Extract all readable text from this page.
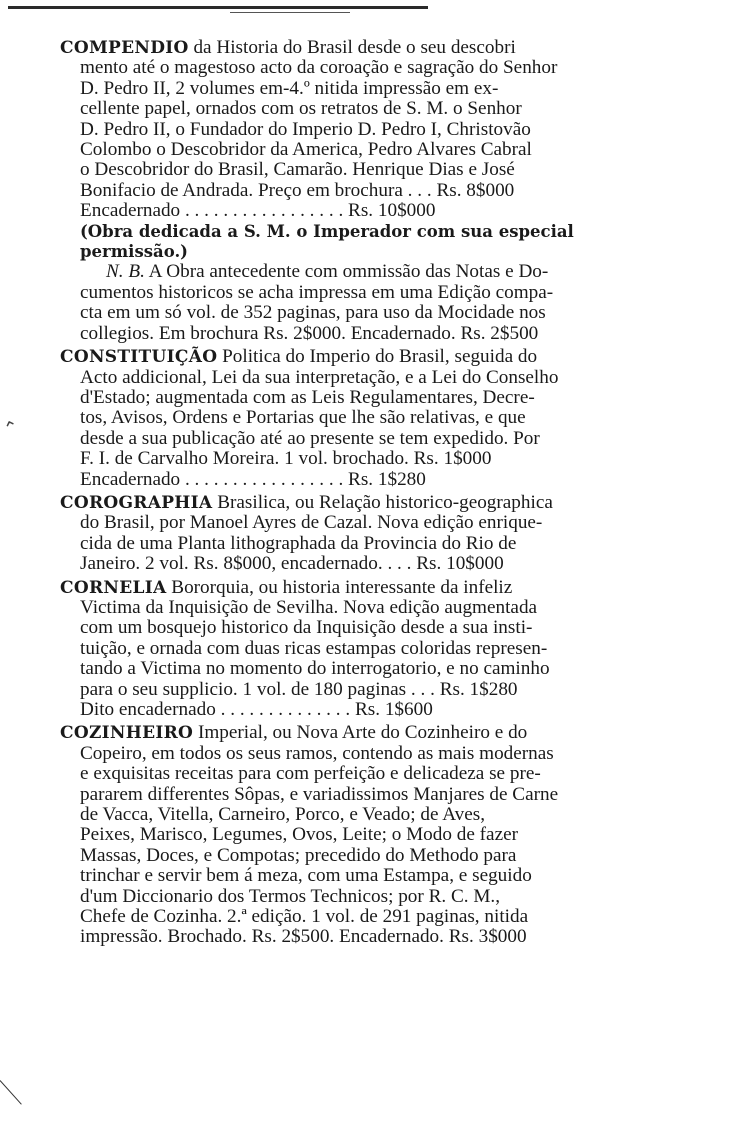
⌃

COMPENDIO da Historia do Brasil desde o seu descobri

mento até o magestoso acto da coroação e sagração do Senhor

D. Pedro II, 2 volumes em-4.º nitida impressão em ex-

cellente papel, ornados com os retratos de S. M. o Senhor

D. Pedro II, o Fundador do Imperio D. Pedro I, Christovão

Colombo o Descobridor da America, Pedro Alvares Cabral

o Descobridor do Brasil, Camarão. Henrique Dias e José

Bonifacio de Andrada. Preço em brochura . . . Rs. 8$000

Encadernado . . . . . . . . . . . . . . . . . Rs. 10$000

(Obra dedicada a S. M. o Imperador com sua especial

permissão.)

N. B. A Obra antecedente com ommissão das Notas e Do-

cumentos historicos se acha impressa em uma Edição compa-

cta em um só vol. de 352 paginas, para uso da Mocidade nos

collegios. Em brochura Rs. 2$000. Encadernado. Rs. 2$500

CONSTITUIÇÃO Politica do Imperio do Brasil, seguida do

Acto addicional, Lei da sua interpretação, e a Lei do Conselho

d'Estado; augmentada com as Leis Regulamentares, Decre-

tos, Avisos, Ordens e Portarias que lhe são relativas, e que

desde a sua publicação até ao presente se tem expedido. Por

F. I. de Carvalho Moreira. 1 vol. brochado. Rs. 1$000

Encadernado . . . . . . . . . . . . . . . . . Rs. 1$280

COROGRAPHIA Brasilica, ou Relação historico-geographica

do Brasil, por Manoel Ayres de Cazal. Nova edição enrique-

cida de uma Planta lithographada da Provincia do Rio de

Janeiro. 2 vol. Rs. 8$000, encadernado. . . . Rs. 10$000

CORNELIA Bororquia, ou historia interessante da infeliz

Victima da Inquisição de Sevilha. Nova edição augmentada

com um bosquejo historico da Inquisição desde a sua insti-

tuição, e ornada com duas ricas estampas coloridas represen-

tando a Victima no momento do interrogatorio, e no caminho

para o seu supplicio. 1 vol. de 180 paginas . . . Rs. 1$280

Dito encadernado . . . . . . . . . . . . . . Rs. 1$600

COZINHEIRO Imperial, ou Nova Arte do Cozinheiro e do

Copeiro, em todos os seus ramos, contendo as mais modernas

e exquisitas receitas para com perfeição e delicadeza se pre-

pararem differentes Sôpas, e variadissimos Manjares de Carne

de Vacca, Vitella, Carneiro, Porco, e Veado; de Aves,

Peixes, Marisco, Legumes, Ovos, Leite; o Modo de fazer

Massas, Doces, e Compotas; precedido do Methodo para

trinchar e servir bem á meza, com uma Estampa, e seguido

d'um Diccionario dos Termos Technicos; por R. C. M.,

Chefe de Cozinha. 2.ª edição. 1 vol. de 291 paginas, nitida

impressão. Brochado. Rs. 2$500. Encadernado. Rs. 3$000
